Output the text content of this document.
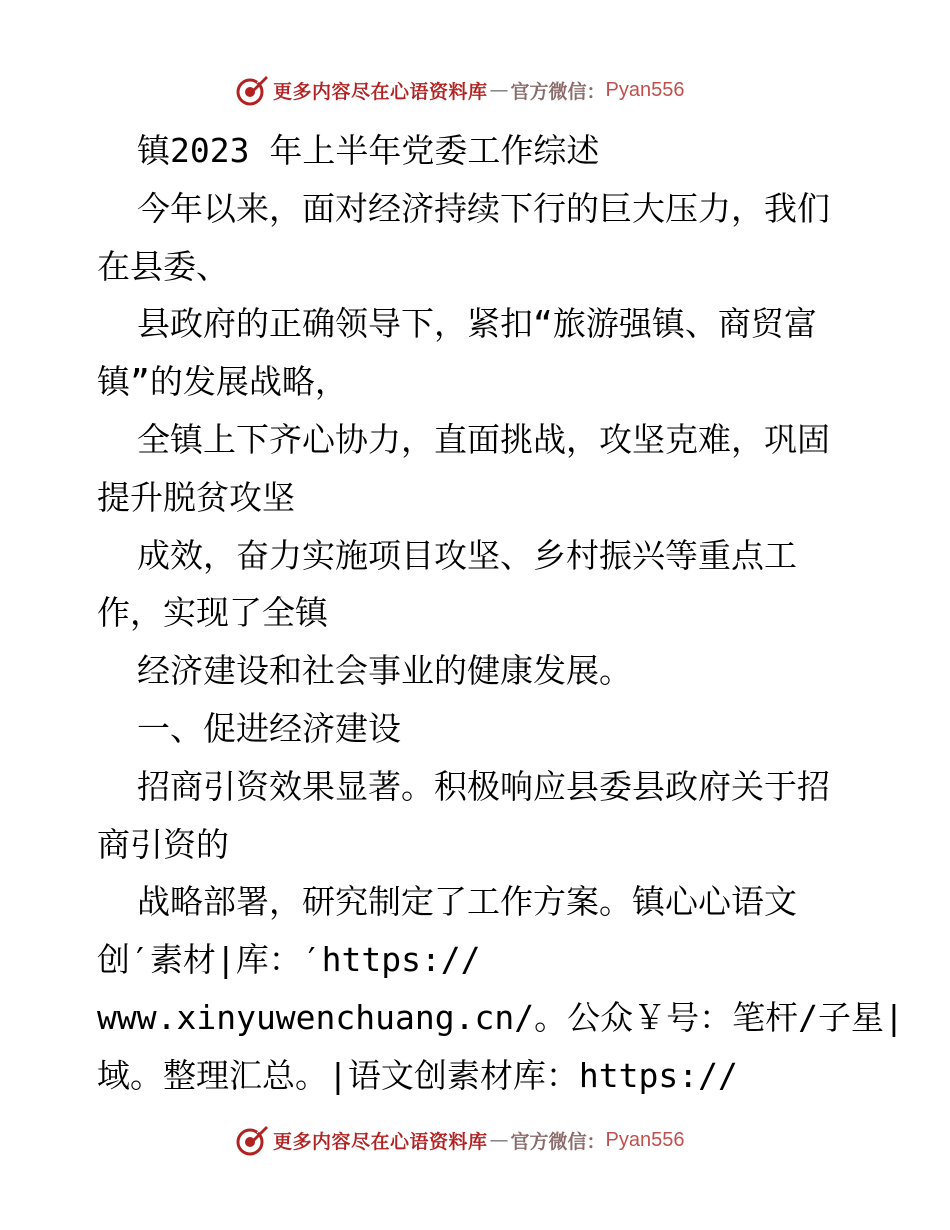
更多内容尽在心语资料库 — 官方微信： Pyan556
镇2023 年上半年党委工作综述
今年以来，面对经济持续下行的巨大压力，我们
在县委、
县政府的正确领导下，紧扣“旅游强镇、商贸富
镇”的发展战略，
全镇上下齐心协力，直面挑战，攻坚克难，巩固
提升脱贫攻坚
成效，奋力实施项目攻坚、乡村振兴等重点工
作，实现了全镇
经济建设和社会事业的健康发展。
一、促进经济建设
招商引资效果显著。积极响应县委县政府关于招
商引资的
战略部署，研究制定了工作方案。镇心心语文
创′素材|库：′https://
www.xinyuwenchuang.cn/。公众￥号：笔杆/子星|
域。整理汇总。|语文创素材库：https://
更多内容尽在心语资料库 — 官方微信： Pyan556
